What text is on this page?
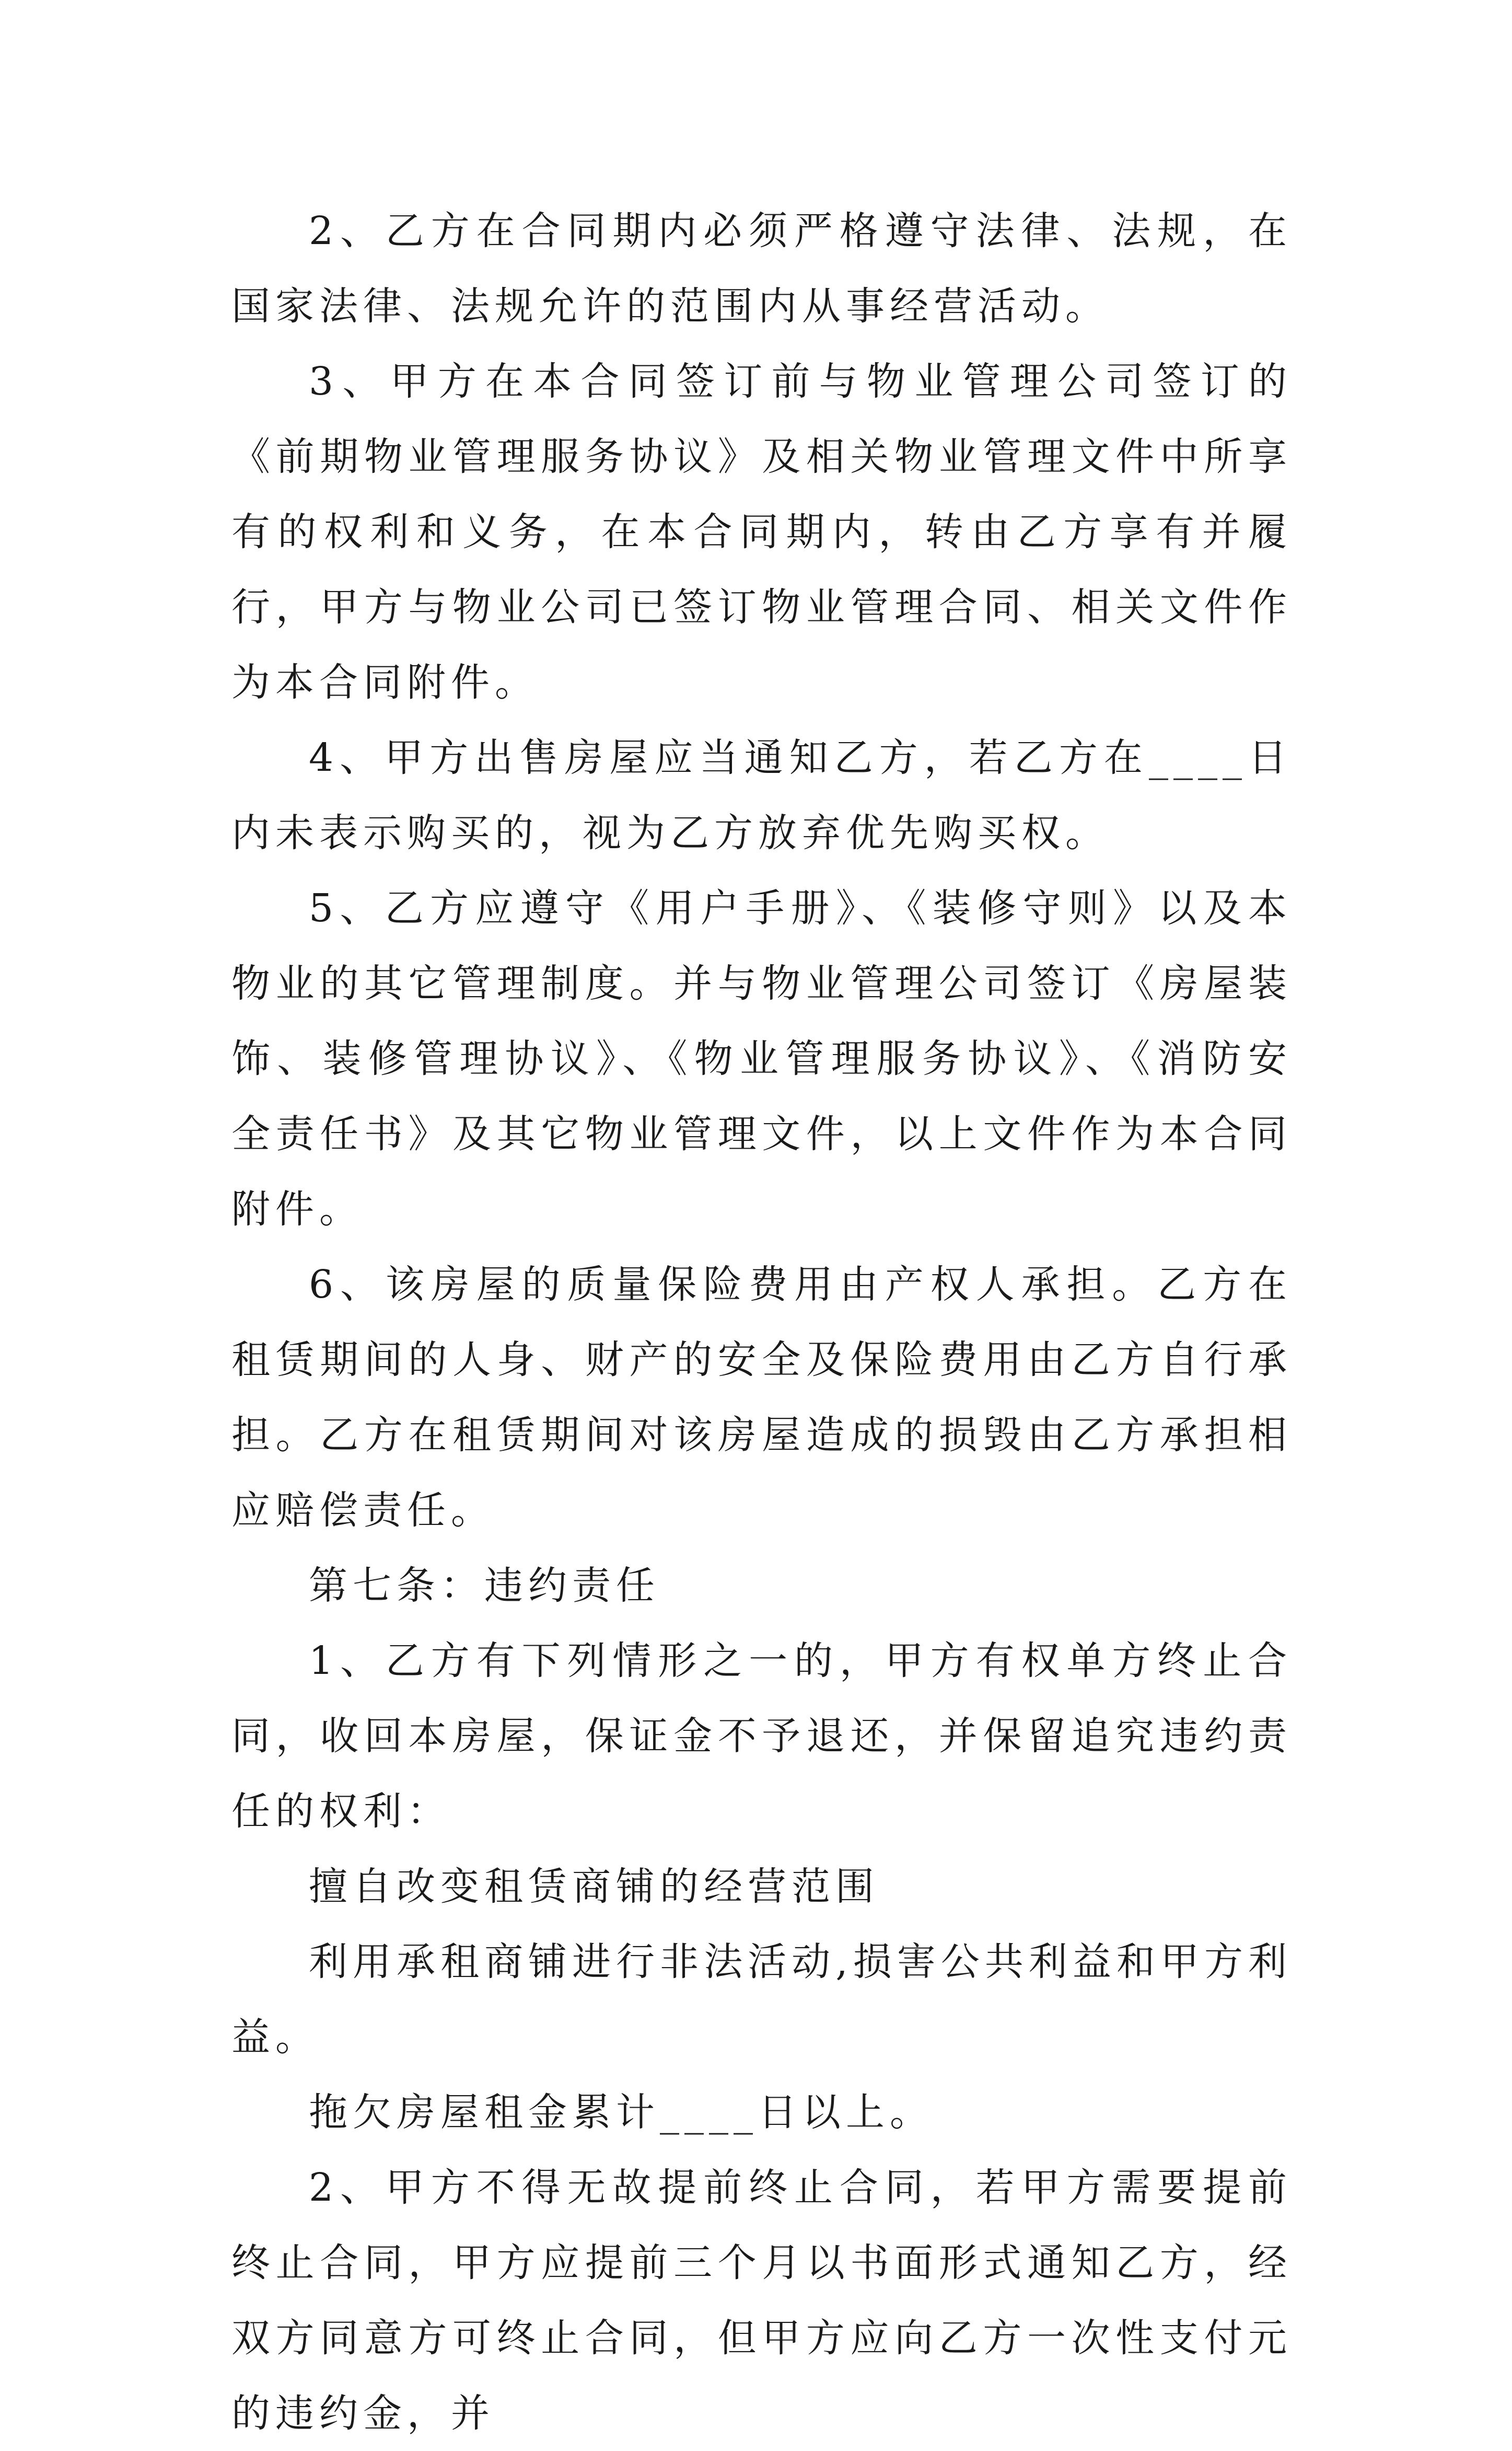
2、乙方在合同期内必须严格遵守法律、法规，在国家法律、法规允许的范围内从事经营活动。

3、甲方在本合同签订前与物业管理公司签订的《前期物业管理服务协议》及相关物业管理文件中所享有的权利和义务，在本合同期内，转由乙方享有并履行，甲方与物业公司已签订物业管理合同、相关文件作为本合同附件。

4、甲方出售房屋应当通知乙方，若乙方在____日内未表示购买的，视为乙方放弃优先购买权。

5、乙方应遵守《用户手册》、《装修守则》以及本物业的其它管理制度。并与物业管理公司签订《房屋装饰、装修管理协议》、《物业管理服务协议》、《消防安全责任书》及其它物业管理文件，以上文件作为本合同附件。

6、该房屋的质量保险费用由产权人承担。乙方在租赁期间的人身、财产的安全及保险费用由乙方自行承担。乙方在租赁期间对该房屋造成的损毁由乙方承担相应赔偿责任。

第七条：违约责任

1、乙方有下列情形之一的，甲方有权单方终止合同，收回本房屋，保证金不予退还，并保留追究违约责任的权利：

擅自改变租赁商铺的经营范围

利用承租商铺进行非法活动,损害公共利益和甲方利益。

拖欠房屋租金累计____日以上。

2、甲方不得无故提前终止合同，若甲方需要提前终止合同，甲方应提前三个月以书面形式通知乙方，经双方同意方可终止合同，但甲方应向乙方一次性支付元的违约金，并
